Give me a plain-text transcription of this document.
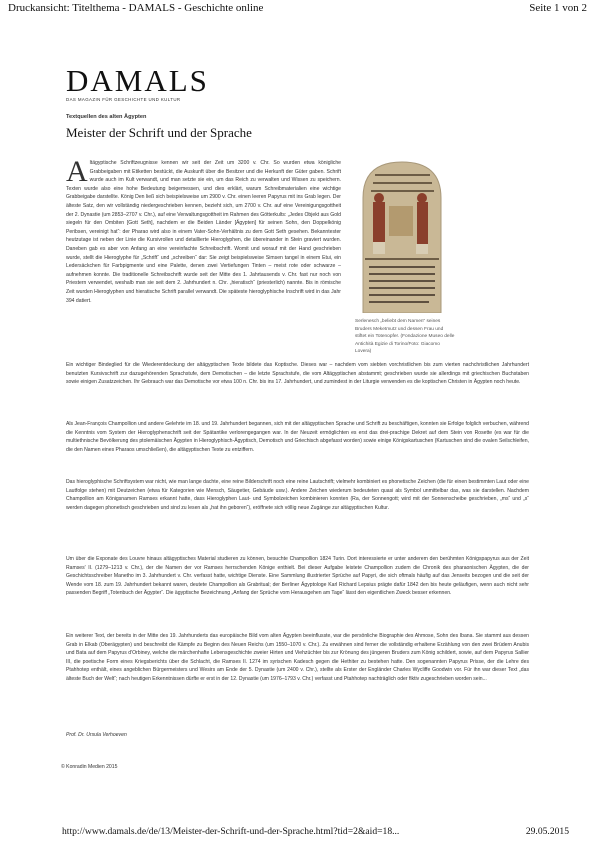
Druckansicht: Titelthema - DAMALS - Geschichte online	Seite 1 von 2
DAMALS
DAS MAGAZIN FÜR GESCHICHTE UND KULTUR
Textquellen des alten Ägypten
Meister der Schrift und der Sprache
Altägyptische Schriftzeugnisse kennen wir seit der Zeit um 3200 v. Chr. So wurden etwa königliche Grabbeigaben mit Etiketten bestückt, die Auskunft über die Besitzer und die Herkunft der Güter gaben. Schrift wurde auch im Kult verwandt, und man setzte sie ein, um das Reich zu verwalten und Wissen zu speichern. Texten wurde also eine hohe Bedeutung beigemessen, und dies erklärt, warum Schreibmaterialien eine wichtige Grabbeigabe darstellte. König Den ließ sich beispielsweise um 2900 v. Chr. einen leeren Papyrus mit ins Grab legen. Der älteste Satz, den wir vollständig niedergeschrieben kennen, bezieht sich, um 2700 v. Chr. auf eine Vereinigungsgottheit der 2. Dynastie (um 2853–2707 v. Chr.), auf eine Verwaltungsgottheit im Rahmen des Götterkults: „Jedes Objekt aus Gold siegeln für den Ombiten [Gott Seth], nachdem er die Beiden Länder [Ägypten] für seinen Sohn, den Doppelkönig Peribsen, vereinigt hat“: der Pharao wird also in einem Vater-Sohn-Verhältnis zu dem Gott Seth gesehen. Bekanntester heutzutage ist neben der Linie die Kursivrollen und detaillierte Hieroglyphen, die übereinander in Stein graviert wurden. Daneben gab es aber von Anfang an eine vereinfachte Schreibschrift. Womit und worauf mit der Hand geschrieben wurde, stellt die Hieroglyphe für „Schrift“ und „schreiben“ dar: Sie zeigt beispielsweise Simsen tangel in einem Etui, ein Ledersäckchen für Farbpigmente und eine Palette, denen zwei Vertiefungen Tinten – meist rote oder schwarze – aufnehmen konnte. Die traditionelle Schreibschrift wurde seit der Mitte des 1. Jahrtausends v. Chr. fast nur noch von Priestern verwendet, weshalb man sie seit dem 2. Jahrhundert n. Chr. „hieratisch“ (priesterlich) nannte. Bis in römische Zeit wurden Hieroglyphen und hieratische Schrift parallel verwandt. Die späteste hieroglyphische Inschrift wird in das Jahr 394 datiert.
Serlenesch „beliebt dem Namen“ seines Bruders Meketmutz und dessen Frau und stiftet ein Totenopfer. (Fondazione Museo delle Antichità Egizie di Torino/Foto: Giacomo Lovera)

Ein wichtiger Bindeglied für die Wiederentdeckung der altägyptischen Texte bildete das Koptische. Dieses war – nachdem vom siebten vorchristlichen bis zum vierten nachchristlichen Jahrhundert benutzten Kursivschrift zur dazugehörenden Sprachstufe, dem Demotischen – die letzte Sprachstufe, die vom Altägyptischen abstammt; geschrieben wurde sie allerdings mit griechischen Buchstaben sowie einigen Zusatzzeichen. Ihr Gebrauch war das Demotische vor etwa 100 n. Chr. bis ins 17. Jahrhundert, und zumindest in der Liturgie verwenden es die koptischen Christen in Ägypten noch heute.

Als Jean-François Champollion und andere Gelehrte im 18. und 19. Jahrhundert begannen, sich mit der altägyptischen Sprache und Schrift zu beschäftigen, konnten sie Erfolge folglich verbuchen, während die Kenntnis vom System der Hieroglyphenschrift seit der Spätantike verlorengegangen war. In der Neuzeit ermöglichten es erst das drei-prachige Dekret auf dem Stein von Rosette (es war für die multiethnische Bevölkerung des ptolemäischen Ägypten in Hieroglyphisch-Ägyptisch, Demotisch und Griechisch abgefasst worden) sowie einige Königskartuschen (Kartuschen sind die ovalen Seilschleifen, die den Namen eines Pharaos umschließen), die altägyptischen Texte zu entziffern.

Das hieroglyphische Schriftsystem war nicht, wie man lange dachte, eine reine Bilderschrift noch eine reine Lautschrift; vielmehr kombiniert es phonetische Zeichen (die für einen bestimmten Laut oder eine Lautfolge stehen) mit Deutzeichen (etwa für Kategorien wie Mensch, Säugetier, Gebäude usw.). Andere Zeichen wiederum bedeuteten quasi als Symbol unmittelbar das, was sie darstellen. Nachdem Champollion am Königsnamen Ramses erkannt hatte, dass Hieroglyphen Laut- und Symbolzeichen kombinieren konnten (Ra, der Sonnengott; wird mit der Sonnenscheibe geschrieben, „ms“ und „s“ werden dagegen phonetisch geschrieben und sind zu lesen als „hat ihn geboren“), eröffnete sich völlig neue Zugänge zur altägyptischen Kultur.

Um über die Exponate des Louvre hinaus altägyptisches Material studieren zu können, besuchte Champollion 1824 Turin. Dort interessierte er unter anderem den berühmten Königspapyrus aus der Zeit Ramses' II. (1279–1213 v. Chr.), der die Namen der vor Ramses herrschenden Könige enthielt. Bei dieser Aufgabe leistete Champollion zudem die Chronik des pharaonischen Ägypten, die der Geschichtsschreiber Manetho im 3. Jahrhundert v. Chr. verfasst hatte, wichtige Dienste. Eine Sammlung illustrierter Sprüche auf Papyri, die sich oftmals häufig auf das Jenseits bezogen und die seit der Wende vom 18. zum 19. Jahrhundert bekannt waren, deutete Champollion als Grabritual; der Berliner Ägyptologe Karl Richard Lepsius prägte dafür 1842 den bis heute geläufigen, wenn auch nicht sehr passenden Begriff „Totenbuch der Ägypter“. Die ägyptische Bezeichnung „Anfang der Sprüche vom Herausgehen am Tage“ lässt den eigentlichen Zweck besser erkennen.

Ein weiterer Text, der bereits in der Mitte des 19. Jahrhunderts das europäische Bild vom alten Ägypten beeinflusste, war die persönliche Biographie des Ahmose, Sohn des Ibana. Sie stammt aus dessen Grab in Elkab (Oberägypten) und beschreibt die Kämpfe zu Beginn des Neuen Reichs (um 1550–1070 v. Chr.). Zu erwähnen sind ferner die vollständig erhaltene Erzählung von den zwei Brüdern Anubis und Bata auf dem Papyrus d'Orbiney, welche die märchenhafte Lebensgeschichte zweier Hirten und Viehzüchter bis zur Krönung des jüngeren Bruders zum König schildert, sowie, auf dem Papyrus Sallier III, die poetische Form eines Kriegsberichts über die Schlacht, die Ramses II. 1274 im syrischen Kadesch gegen die Hethiter zu bestehen hatte. Den sogenannten Papyrus Prisse, der die Lehre des Ptahhotep enthält, eines angeblichen Bürgermeisters und Wesirs am Ende der 5. Dynastie (um 2400 v. Chr.), stellte als Erster der Engländer Charles Wycliffe Goodwin vor. Für ihn war dieser Text „das älteste Buch der Welt“; nach heutigen Erkenntnissen dürfte er erst in der 12. Dynastie (um 1976–1793 v. Chr.) verfasst und Ptahhotep nachträglich oder fiktiv zugeschrieben worden sein...

Prof. Dr. Ursula Verhoeven
© Konradin Medien 2015
http://www.damals.de/de/13/Meister-der-Schrift-und-der-Sprache.html?tid=2&aid=18...	29.05.2015
